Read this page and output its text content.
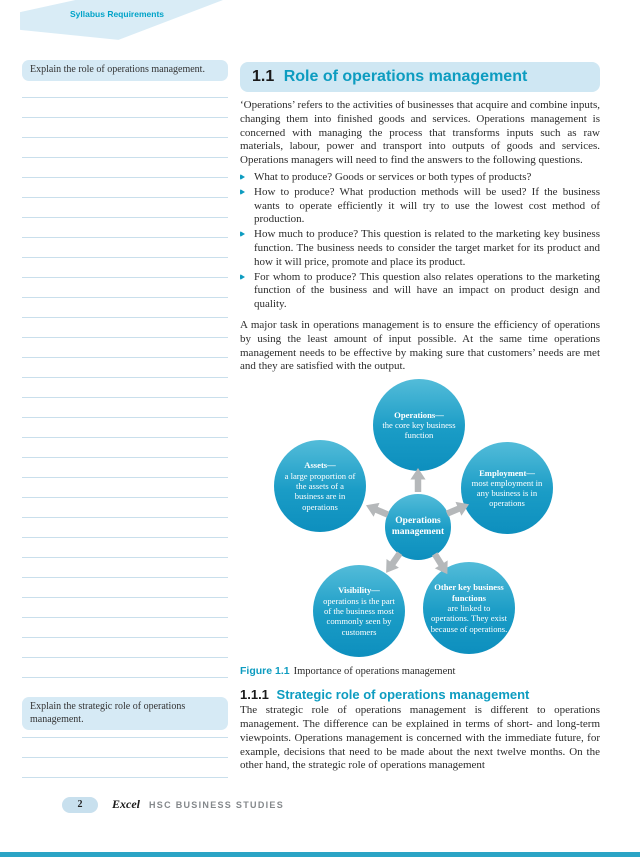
Syllabus Requirements
Explain the role of operations management.
Explain the strategic role of operations management.
1.1 Role of operations management

‘Operations’ refers to the activities of businesses that acquire and combine inputs, changing them into finished goods and services. Operations management is concerned with managing the process that transforms inputs such as raw materials, labour, power and transport into outputs of goods and services. Operations managers will need to find the answers to the following questions.

What to produce? Goods or services or both types of products?
How to produce? What production methods will be used? If the business wants to operate efficiently it will try to use the lowest cost method of production.
How much to produce? This question is related to the marketing key business function. The business needs to consider the target market for its product and how it will price, promote and place its product.
For whom to produce? This question also relates operations to the marketing function of the business and will have an impact on product design and quality.

A major task in operations management is to ensure the efficiency of operations by using the least amount of input possible. At the same time operations management needs to be effective by making sure that customers’ needs are met and they are satisfied with the output.

Operations—
the core key business function
Assets—
a large proportion of the assets of a business are in operations
Employment—
most employment in any business is in operations
Visibility—
operations is the part of the business most commonly seen by customers
Other key business functions
are linked to operations. They exist because of operations.
Operations management

Figure 1.1 Importance of operations management

1.1.1 Strategic role of operations management

The strategic role of operations management is different to operations management. The difference can be explained in terms of short- and long-term viewpoints. Operations management is concerned with the immediate future, for example, decisions that need to be made about the next twelve months. On the other hand, the strategic role of operations management

2	Excel HSC BUSINESS STUDIES
